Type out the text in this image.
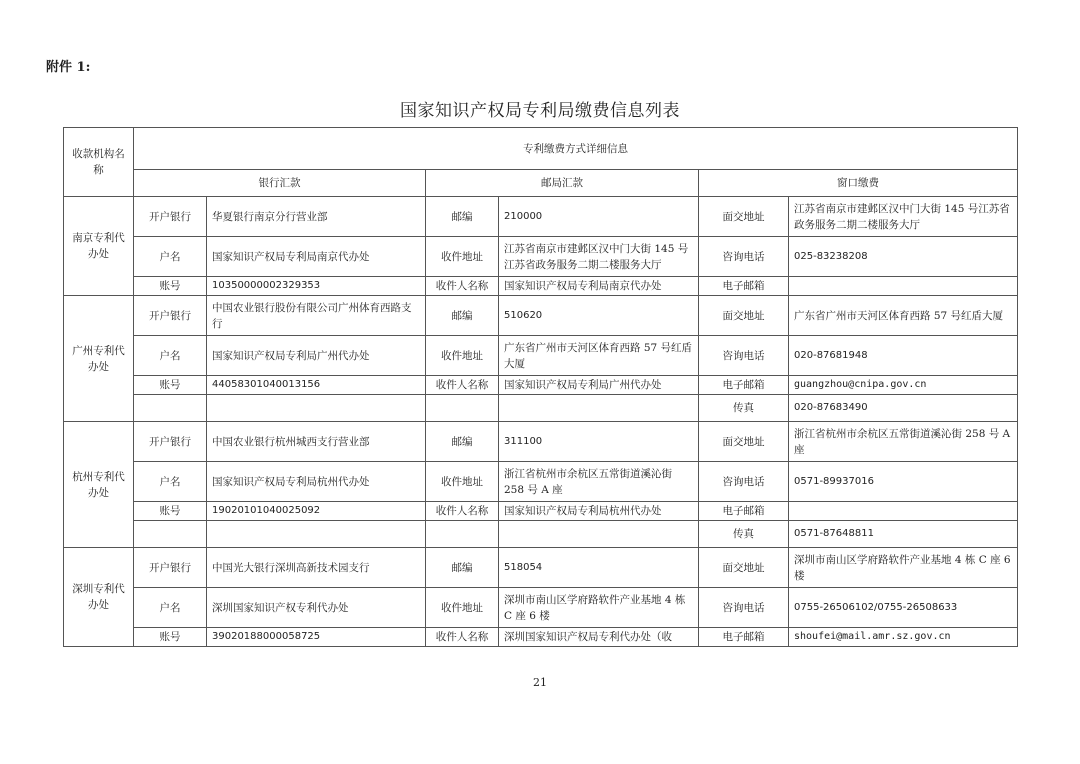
附件 1:
国家知识产权局专利局缴费信息列表
收款机构名称	专利缴费方式详细信息					
	银行汇款		邮局汇款		窗口缴费	
南京专利代办处	开户银行	华夏银行南京分行营业部	邮编	210000	面交地址	江苏省南京市建邺区汉中门大街 145 号江苏省政务服务二期二楼服务大厅
	户名	国家知识产权局专利局南京代办处	收件地址	江苏省南京市建邺区汉中门大街 145 号江苏省政务服务二期二楼服务大厅	咨询电话	025-83238208
	账号	10350000002329353	收件人名称	国家知识产权局专利局南京代办处	电子邮箱	
广州专利代办处	开户银行	中国农业银行股份有限公司广州体育西路支行	邮编	510620	面交地址	广东省广州市天河区体育西路 57 号红盾大厦
	户名	国家知识产权局专利局广州代办处	收件地址	广东省广州市天河区体育西路 57 号红盾大厦	咨询电话	020-87681948
	账号	44058301040013156	收件人名称	国家知识产权局专利局广州代办处	电子邮箱	guangzhou@cnipa.gov.cn
					传真	020-87683490
杭州专利代办处	开户银行	中国农业银行杭州城西支行营业部	邮编	311100	面交地址	浙江省杭州市余杭区五常街道溪沁街 258 号 A 座
	户名	国家知识产权局专利局杭州代办处	收件地址	浙江省杭州市余杭区五常街道溪沁街 258 号 A 座	咨询电话	0571-89937016
	账号	19020101040025092	收件人名称	国家知识产权局专利局杭州代办处	电子邮箱	
					传真	0571-87648811
深圳专利代办处	开户银行	中国光大银行深圳高新技术园支行	邮编	518054	面交地址	深圳市南山区学府路软件产业基地 4 栋 C 座 6 楼
	户名	深圳国家知识产权专利代办处	收件地址	深圳市南山区学府路软件产业基地 4 栋 C 座 6 楼	咨询电话	0755-26506102/0755-26508633
	账号	39020188000058725	收件人名称	深圳国家知识产权局专利代办处（收	电子邮箱	shoufei@mail.amr.sz.gov.cn
21
